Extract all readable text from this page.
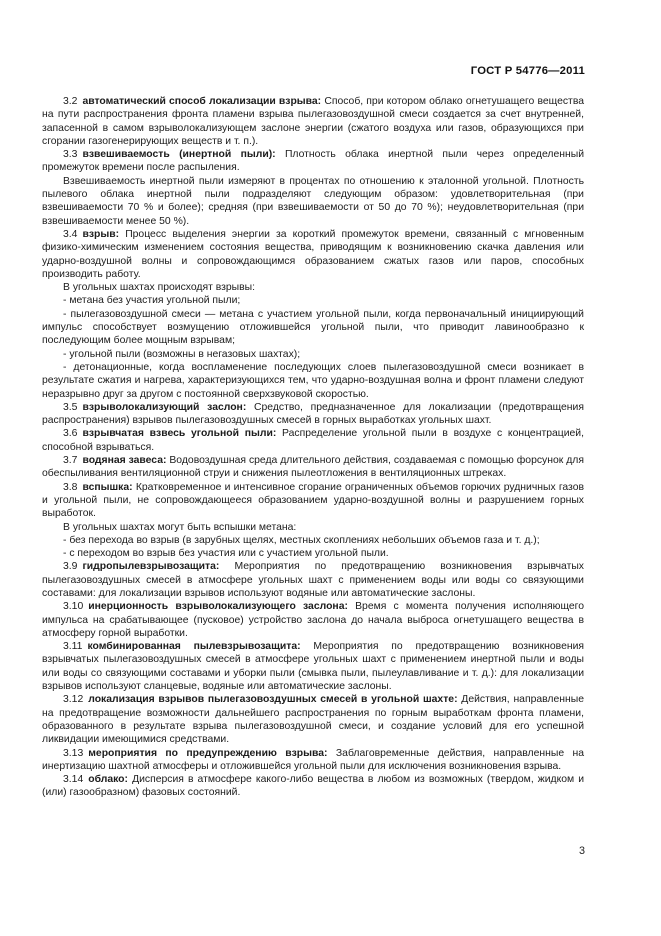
ГОСТ Р 54776—2011

3.2 автоматический способ локализации взрыва: Способ, при котором облако огнетушащего вещества на пути распространения фронта пламени взрыва пылегазовоздушной смеси создается за счет внутренней, запасенной в самом взрыволокализующем заслоне энергии (сжатого воздуха или газов, образующихся при сгорании газогенерирующих веществ и т. п.).

3.3 взвешиваемость (инертной пыли): Плотность облака инертной пыли через определенный промежуток времени после распыления.

Взвешиваемость инертной пыли измеряют в процентах по отношению к эталонной угольной. Плотность пылевого облака инертной пыли подразделяют следующим образом: удовлетворительная (при взвешиваемости 70 % и более); средняя (при взвешиваемости от 50 до 70 %); неудовлетворительная (при взвешиваемости менее 50 %).

3.4 взрыв: Процесс выделения энергии за короткий промежуток времени, связанный с мгновенным физико-химическим изменением состояния вещества, приводящим к возникновению скачка давления или ударно-воздушной волны и сопровождающимся образованием сжатых газов или паров, способных производить работу.

В угольных шахтах происходят взрывы:

- метана без участия угольной пыли;

- пылегазовоздушной смеси — метана с участием угольной пыли, когда первоначальный инициирующий импульс способствует возмущению отложившейся угольной пыли, что приводит лавинообразно к последующим более мощным взрывам;

- угольной пыли (возможны в негазовых шахтах);

- детонационные, когда воспламенение последующих слоев пылегазовоздушной смеси возникает в результате сжатия и нагрева, характеризующихся тем, что ударно-воздушная волна и фронт пламени следуют неразрывно друг за другом с постоянной сверхзвуковой скоростью.

3.5 взрыволокализующий заслон: Средство, предназначенное для локализации (предотвращения распространения) взрывов пылегазовоздушных смесей в горных выработках угольных шахт.

3.6 взрывчатая взвесь угольной пыли: Распределение угольной пыли в воздухе с концентрацией, способной взрываться.

3.7 водяная завеса: Водовоздушная среда длительного действия, создаваемая с помощью форсунок для обеспыливания вентиляционной струи и снижения пылеотложения в вентиляционных штреках.

3.8 вспышка: Кратковременное и интенсивное сгорание ограниченных объемов горючих рудничных газов и угольной пыли, не сопровождающееся образованием ударно-воздушной волны и разрушением горных выработок.

В угольных шахтах могут быть вспышки метана:

- без перехода во взрыв (в зарубных щелях, местных скоплениях небольших объемов газа и т. д.);

- с переходом во взрыв без участия или с участием угольной пыли.

3.9 гидропылевзрывозащита: Мероприятия по предотвращению возникновения взрывчатых пылегазовоздушных смесей в атмосфере угольных шахт с применением воды или воды со связующими составами: для локализации взрывов используют водяные или автоматические заслоны.

3.10 инерционность взрыволокализующего заслона: Время с момента получения исполняющего импульса на срабатывающее (пусковое) устройство заслона до начала выброса огнетушащего вещества в атмосферу горной выработки.

3.11 комбинированная пылевзрывозащита: Мероприятия по предотвращению возникновения взрывчатых пылегазовоздушных смесей в атмосфере угольных шахт с применением инертной пыли и воды или воды со связующими составами и уборки пыли (смывка пыли, пылеулавливание и т. д.): для локализации взрывов используют сланцевые, водяные или автоматические заслоны.

3.12 локализация взрывов пылегазовоздушных смесей в угольной шахте: Действия, направленные на предотвращение возможности дальнейшего распространения по горным выработкам фронта пламени, образованного в результате взрыва пылегазовоздушной смеси, и создание условий для его успешной ликвидации имеющимися средствами.

3.13 мероприятия по предупреждению взрыва: Заблаговременные действия, направленные на инертизацию шахтной атмосферы и отложившейся угольной пыли для исключения возникновения взрыва.

3.14 облако: Дисперсия в атмосфере какого-либо вещества в любом из возможных (твердом, жидком и (или) газообразном) фазовых состояний.

3
